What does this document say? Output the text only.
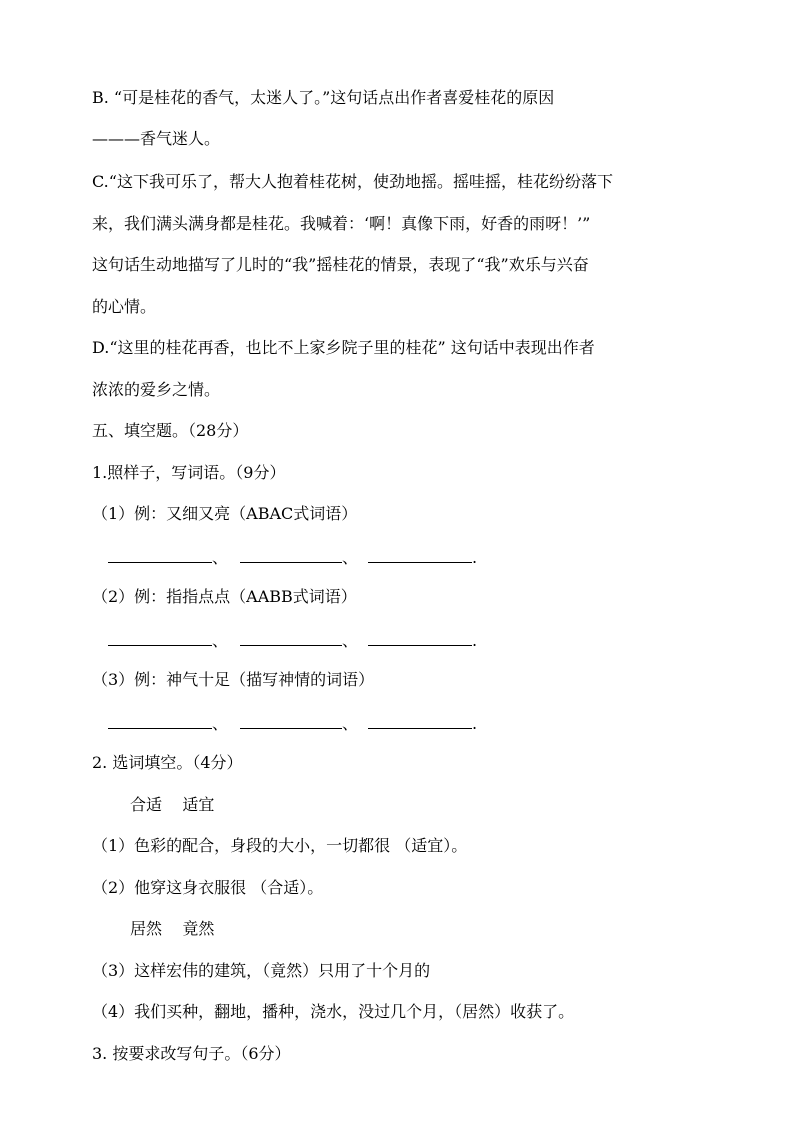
B. “可是桂花的香气，太迷人了。”这句话点出作者喜爱桂花的原因
———香气迷人。
C.“这下我可乐了，帮大人抱着桂花树，使劲地摇。摇哇摇，桂花纷纷落下
来，我们满头满身都是桂花。我喊着：‘啊！真像下雨，好香的雨呀！’”
这句话生动地描写了儿时的“我”摇桂花的情景，表现了“我”欢乐与兴奋
的心情。
D.“这里的桂花再香，也比不上家乡院子里的桂花” 这句话中表现出作者
浓浓的爱乡之情。
五、填空题。（28分）
1.照样子，写词语。（9分）
（1）例：又细又亮（ABAC式词语）
、	、	.
（2）例：指指点点（AABB式词语）
、	、	.
（3）例：神气十足（描写神情的词语）
、	、	.
2. 选词填空。（4分）
合适    适宜
（1）色彩的配合，身段的大小，一切都很 （适宜）。
（2）他穿这身衣服很 （合适）。
居然    竟然
（3）这样宏伟的建筑，（竟然）只用了十个月的
（4）我们买种，翻地，播种，浇水，没过几个月，（居然）收获了。
3. 按要求改写句子。（6分）
